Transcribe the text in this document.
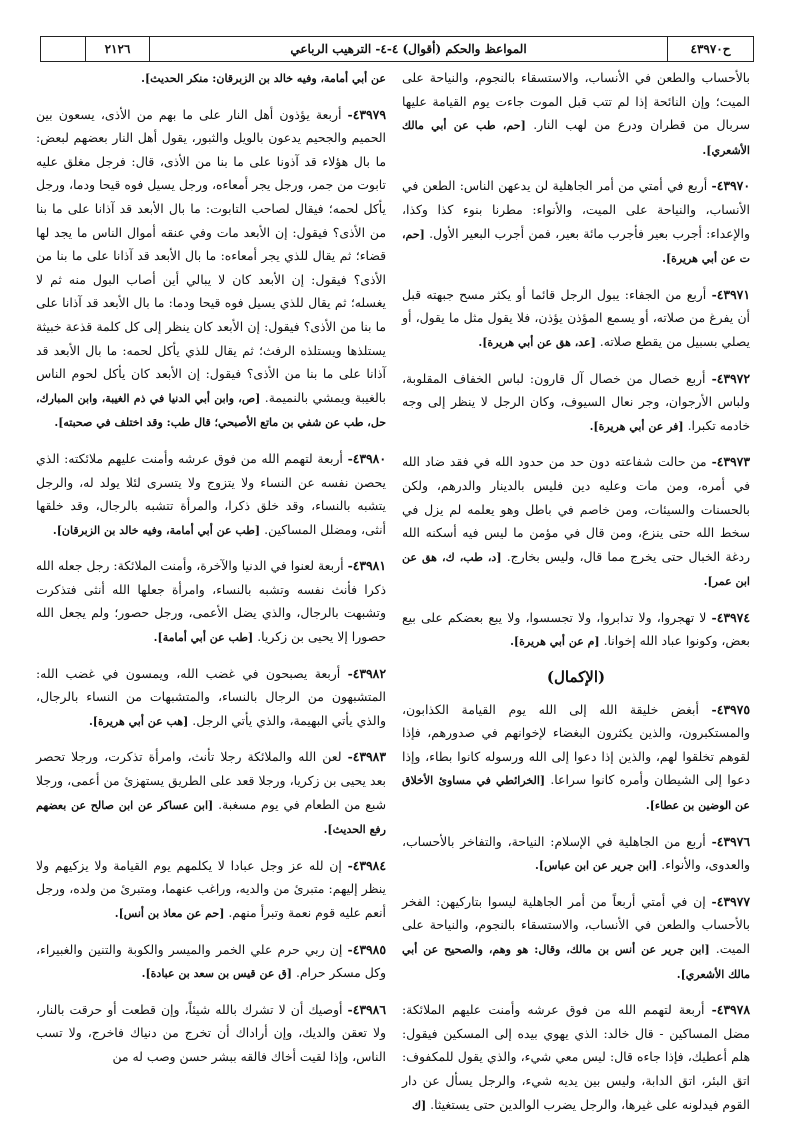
٢١٢٦	المواعظ والحكم (أقوال) ٤-٤- الترهيب الرباعي	ح٤٣٩٧٠
بالأحساب والطعن في الأنساب، والاستسقاء بالنجوم، والنياحة على الميت؛ وإن النائحة إذا لم تتب قبل الموت جاءت يوم القيامة عليها سربال من قطران ودرع من لهب النار. [حم، طب عن أبي مالك الأشعري].
٤٣٩٧٠- أربع في أمتي من أمر الجاهلية لن يدعهن الناس: الطعن في الأنساب، والنياحة على الميت، والأنواء: مطرنا بنوء كذا وكذا، والإعداء: أجرب بعير فأجرب مائة بعير، فمن أجرب البعير الأول. [حم، ت عن أبي هريرة].
٤٣٩٧١- أربع من الجفاء: يبول الرجل قائما أو يكثر مسح جبهته قبل أن يفرغ من صلاته، أو يسمع المؤذن يؤذن، فلا يقول مثل ما يقول، أو يصلي بسبيل من يقطع صلاته. [عد، هق عن أبي هريرة].
٤٣٩٧٢- أربع خصال من خصال آل قارون: لباس الخفاف المقلوبة، ولباس الأرجوان، وجر نعال السيوف، وكان الرجل لا ينظر إلى وجه خادمه تكبرا. [فر عن أبي هريرة].
٤٣٩٧٣- من حالت شفاعته دون حد من حدود الله في فقد ضاد الله في أمره، ومن مات وعليه دين فليس بالدينار والدرهم، ولكن بالحسنات والسيئات، ومن خاصم في باطل وهو يعلمه لم يزل في سخط الله حتى ينزع، ومن قال في مؤمن ما ليس فيه أسكنه الله ردغة الخبال حتى يخرج مما قال، وليس بخارج. [د، طب، ك، هق عن ابن عمر].
٤٣٩٧٤- لا تهجروا، ولا تدابروا، ولا تجسسوا، ولا يبع بعضكم على بيع بعض، وكونوا عباد الله إخوانا. [م عن أبي هريرة].
(الإكمال)
٤٣٩٧٥- أبغض خليقة الله إلى الله يوم القيامة الكذابون، والمستكبرون، والذين يكثرون البغضاء لإخوانهم في صدورهم، فإذا لقوهم تخلقوا لهم، والذين إذا دعوا إلى الله ورسوله كانوا بطاء، وإذا دعوا إلى الشيطان وأمره كانوا سراعا. [الخرائطي في مساوئ الأخلاق عن الوضين بن عطاء].
٤٣٩٧٦- أربع من الجاهلية في الإسلام: النياحة، والتفاخر بالأحساب، والعدوى، والأنواء. [ابن جرير عن ابن عباس].
٤٣٩٧٧- إن في أمتي أربعاً من أمر الجاهلية ليسوا بتاركيهن: الفخر بالأحساب والطعن في الأنساب، والاستسقاء بالنجوم، والنياحة على الميت. [ابن جرير عن أنس بن مالك، وقال: هو وهم، والصحيح عن أبي مالك الأشعري].
٤٣٩٧٨- أربعة لتهمم الله من فوق عرشه وأمنت عليهم الملائكة: مضل المساكين - قال خالد: الذي يهوي بيده إلى المسكين فيقول: هلم أعطيك، فإذا جاءه قال: ليس معي شيء، والذي يقول للمكفوف: اتق البئر، اتق الدابة، وليس بين يديه شيء، والرجل يسأل عن دار القوم فيدلونه على غيرها، والرجل يضرب الوالدين حتى يستغيثا. [ك
عن أبي أمامة، وفيه خالد بن الزبرقان: منكر الحديث].
٤٣٩٧٩- أربعة يؤذون أهل النار على ما بهم من الأذى، يسعون بين الحميم والجحيم يدعون بالويل والثبور، يقول أهل النار بعضهم لبعض: ما بال هؤلاء قد آذونا على ما بنا من الأذى، قال: فرجل مغلق عليه تابوت من جمر، ورجل يجر أمعاءه، ورجل يسيل فوه قيحا ودما، ورجل يأكل لحمه؛ فيقال لصاحب التابوت: ما بال الأبعد قد آذانا على ما بنا من الأذى؟ فيقول: إن الأبعد مات وفي عنقه أموال الناس ما يجد لها قضاء؛ ثم يقال للذي يجر أمعاءه: ما بال الأبعد قد آذانا على ما بنا من الأذى؟ فيقول: إن الأبعد كان لا يبالي أين أصاب البول منه ثم لا يغسله؛ ثم يقال للذي يسيل فوه قيحا ودما: ما بال الأبعد قد آذانا على ما بنا من الأذى؟ فيقول: إن الأبعد كان ينظر إلى كل كلمة قذعة خبيثة يستلذها ويستلذه الرفث؛ ثم يقال للذي يأكل لحمه: ما بال الأبعد قد آذانا على ما بنا من الأذى؟ فيقول: إن الأبعد كان يأكل لحوم الناس بالغيبة ويمشي بالنميمة. [ص، وابن أبي الدنيا في ذم الغيبة، وابن المبارك، حل، طب عن شفي بن ماتع الأصبحي؛ قال طب: وقد اختلف في صحبته].
٤٣٩٨٠- أربعة لتهمم الله من فوق عرشه وأمنت عليهم ملائكته: الذي يحصن نفسه عن النساء ولا يتزوج ولا يتسرى لئلا يولد له، والرجل يتشبه بالنساء، وقد خلق ذكرا، والمرأة تتشبه بالرجال، وقد خلقها أنثى، ومضلل المساكين. [طب عن أبي أمامة، وفيه خالد بن الزبرقان].
٤٣٩٨١- أربعة لعنوا في الدنيا والآخرة، وأمنت الملائكة: رجل جعله الله ذكرا فأنث نفسه وتشبه بالنساء، وامرأة جعلها الله أنثى فتذكرت وتشبهت بالرجال، والذي يضل الأعمى، ورجل حصور؛ ولم يجعل الله حصورا إلا يحيى بن زكريا. [طب عن أبي أمامة].
٤٣٩٨٢- أربعة يصبحون في غضب الله، ويمسون في غضب الله: المتشبهون من الرجال بالنساء، والمتشبهات من النساء بالرجال، والذي يأتي البهيمة، والذي يأتي الرجل. [هب عن أبي هريرة].
٤٣٩٨٣- لعن الله والملائكة رجلا تأنث، وامرأة تذكرت، ورجلا تحصر بعد يحيى بن زكريا، ورجلا قعد على الطريق يستهزئ من أعمى، ورجلا شبع من الطعام في يوم مسغبة. [ابن عساكر عن ابن صالح عن بعضهم رفع الحديث].
٤٣٩٨٤- إن لله عز وجل عبادا لا يكلمهم يوم القيامة ولا يزكيهم ولا ينظر إليهم: متبرئ من والديه، وراغب عنهما، ومتبرئ من ولده، ورجل أنعم عليه قوم نعمة وتبرأ منهم. [حم عن معاذ بن أنس].
٤٣٩٨٥- إن ربي حرم علي الخمر والميسر والكوبة والتنين والغبيراء، وكل مسكر حرام. [ق عن قيس بن سعد بن عبادة].
٤٣٩٨٦- أوصيك أن لا تشرك بالله شيئاً، وإن قطعت أو حرقت بالنار، ولا تعقن والديك، وإن أراداك أن تخرج من دنياك فاخرج، ولا تسب الناس، وإذا لقيت أخاك فالقه ببشر حسن وصب له من
